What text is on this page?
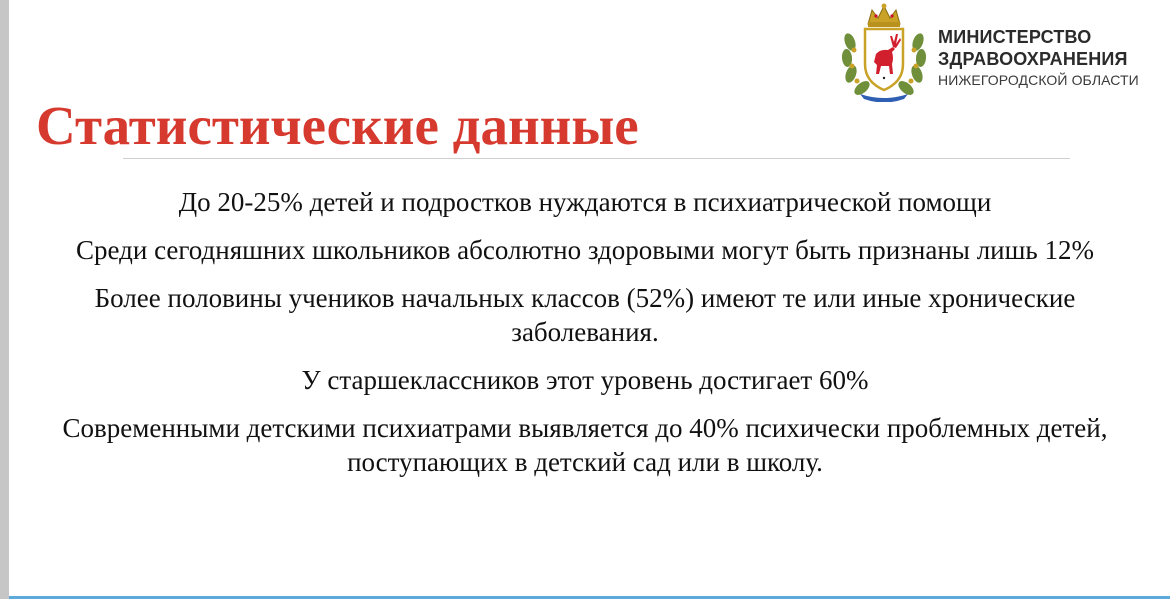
МИНИСТЕРСТВО
ЗДРАВООХРАНЕНИЯ
НИЖЕГОРОДСКОЙ ОБЛАСТИ
Статистические данные
До 20-25% детей и подростков нуждаются в психиатрической помощи
Среди сегодняшних школьников абсолютно здоровыми могут быть признаны лишь 12%
Более половины учеников начальных классов (52%) имеют те или иные хронические заболевания.
У старшеклассников этот уровень достигает 60%
Современными детскими психиатрами выявляется до 40% психически проблемных детей, поступающих в детский сад или в школу.
